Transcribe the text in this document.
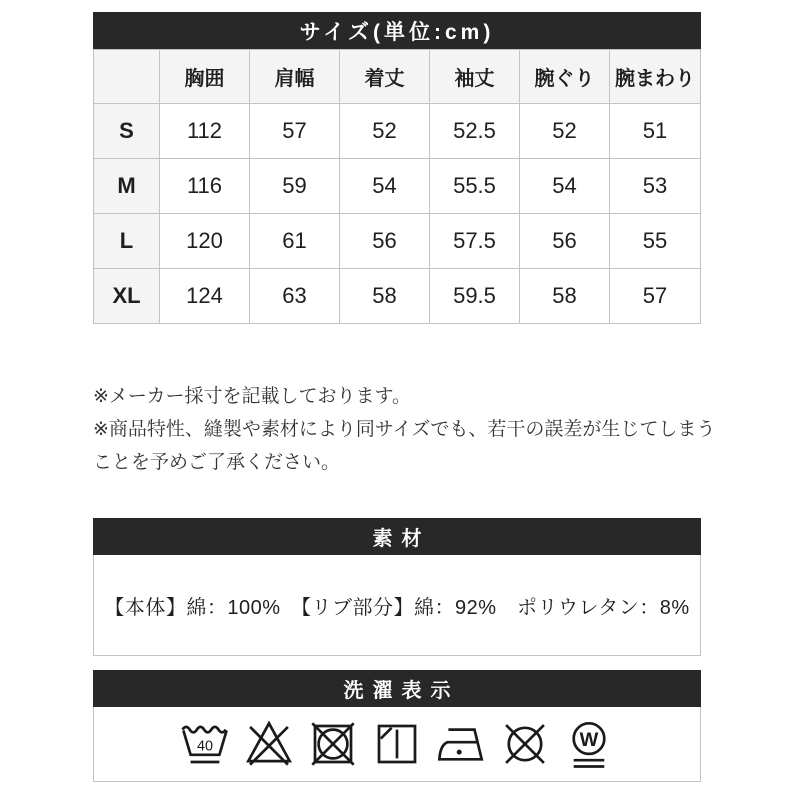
サイズ(単位:cm)
	胸囲	肩幅	着丈	袖丈	腕ぐり	腕まわり
S	112	57	52	52.5	52	51
M	116	59	54	55.5	54	53
L	120	61	56	57.5	56	55
XL	124	63	58	59.5	58	57
※メーカー採寸を記載しております。
※商品特性、縫製や素材により同サイズでも、若干の誤差が生じてしまう
ことを予めご了承ください。
素材
【本体】綿：100%　【リブ部分】綿：92%　ポリウレタン：8%
洗濯表示
40	W
